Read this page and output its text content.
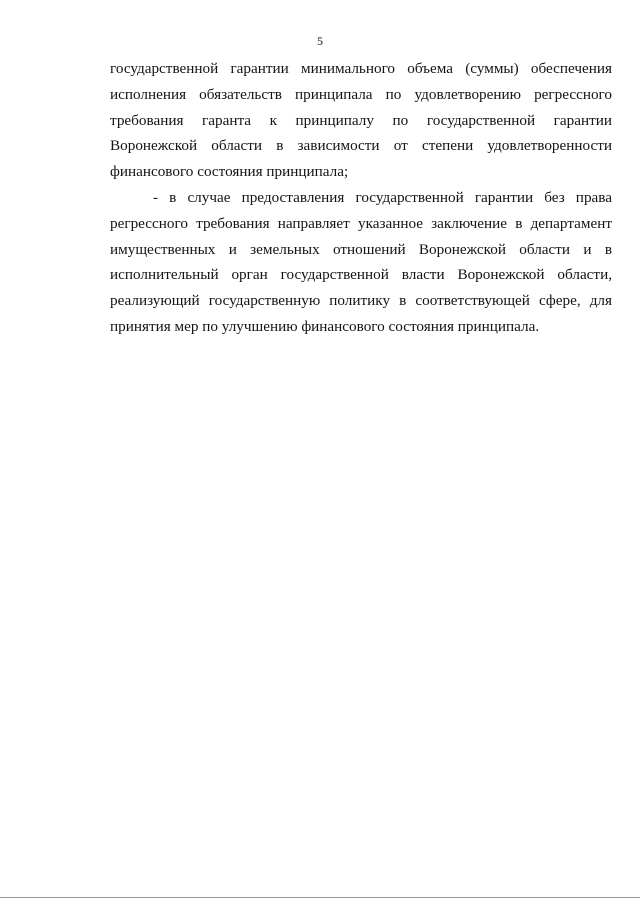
5

государственной гарантии минимального объема (суммы) обеспечения исполнения обязательств принципала по удовлетворению регрессного требования гаранта к принципалу по государственной гарантии Воронежской области в зависимости от степени удовлетворенности финансового состояния принципала;

- в случае предоставления государственной гарантии без права регрессного требования направляет указанное заключение в департамент имущественных и земельных отношений Воронежской области и в исполнительный орган государственной власти Воронежской области, реализующий государственную политику в соответствующей сфере, для принятия мер по улучшению финансового состояния принципала.
